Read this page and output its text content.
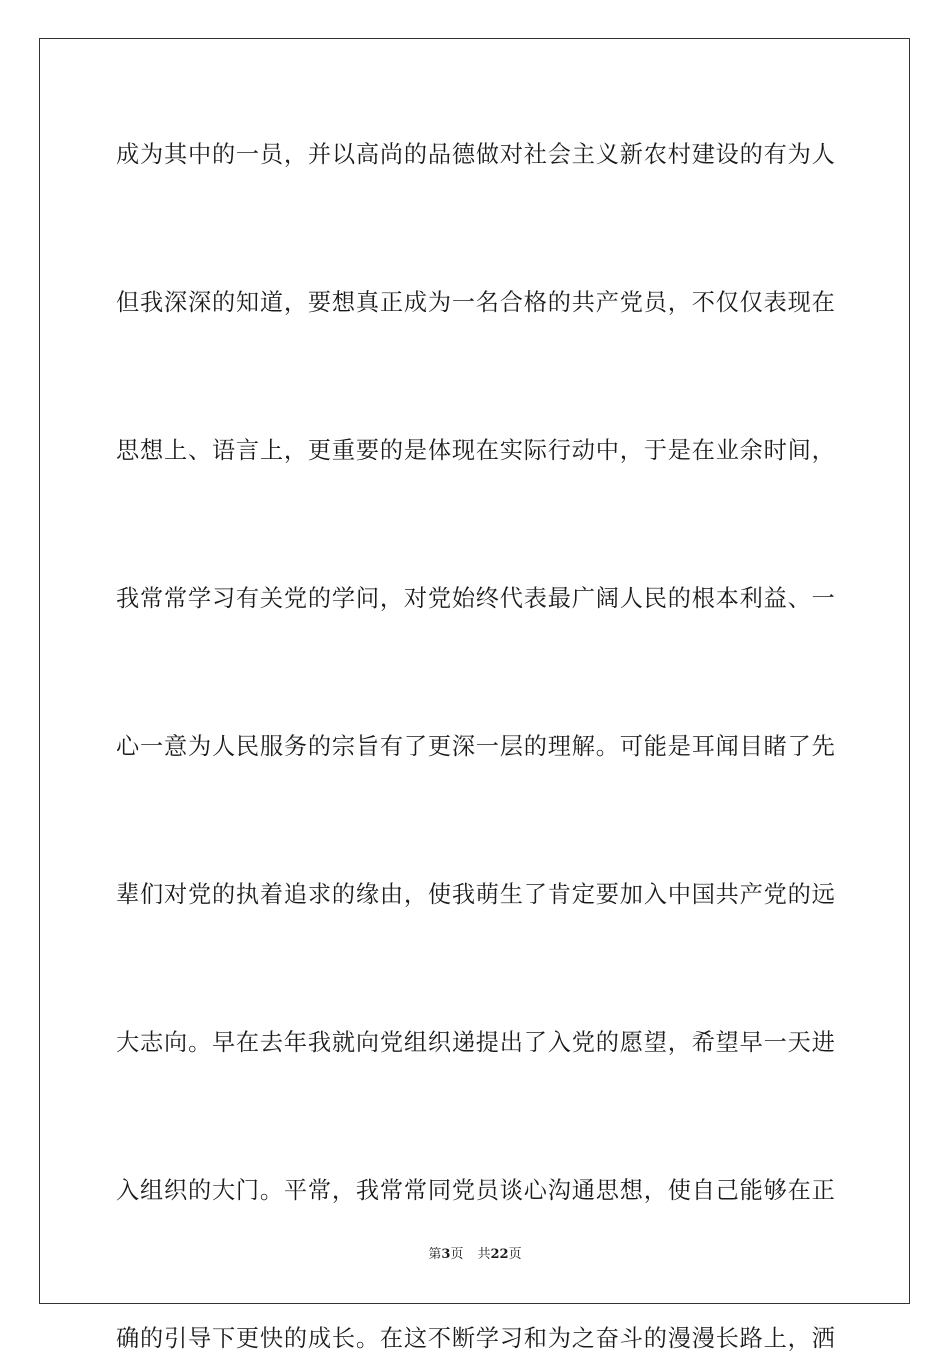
成为其中的一员，并以高尚的品德做对社会主义新农村建设的有为人
但我深深的知道，要想真正成为一名合格的共产党员，不仅仅表现在
思想上、语言上，更重要的是体现在实际行动中，于是在业余时间，
我常常学习有关党的学问，对党始终代表最广阔人民的根本利益、一
心一意为人民服务的宗旨有了更深一层的理解。可能是耳闻目睹了先
辈们对党的执着追求的缘由，使我萌生了肯定要加入中国共产党的远
大志向。早在去年我就向党组织递提出了入党的愿望，希望早一天进
入组织的大门。平常，我常常同党员谈心沟通思想，使自己能够在正
确的引导下更快的成长。在这不断学习和为之奋斗的漫漫长路上，洒
第3页 共22页
